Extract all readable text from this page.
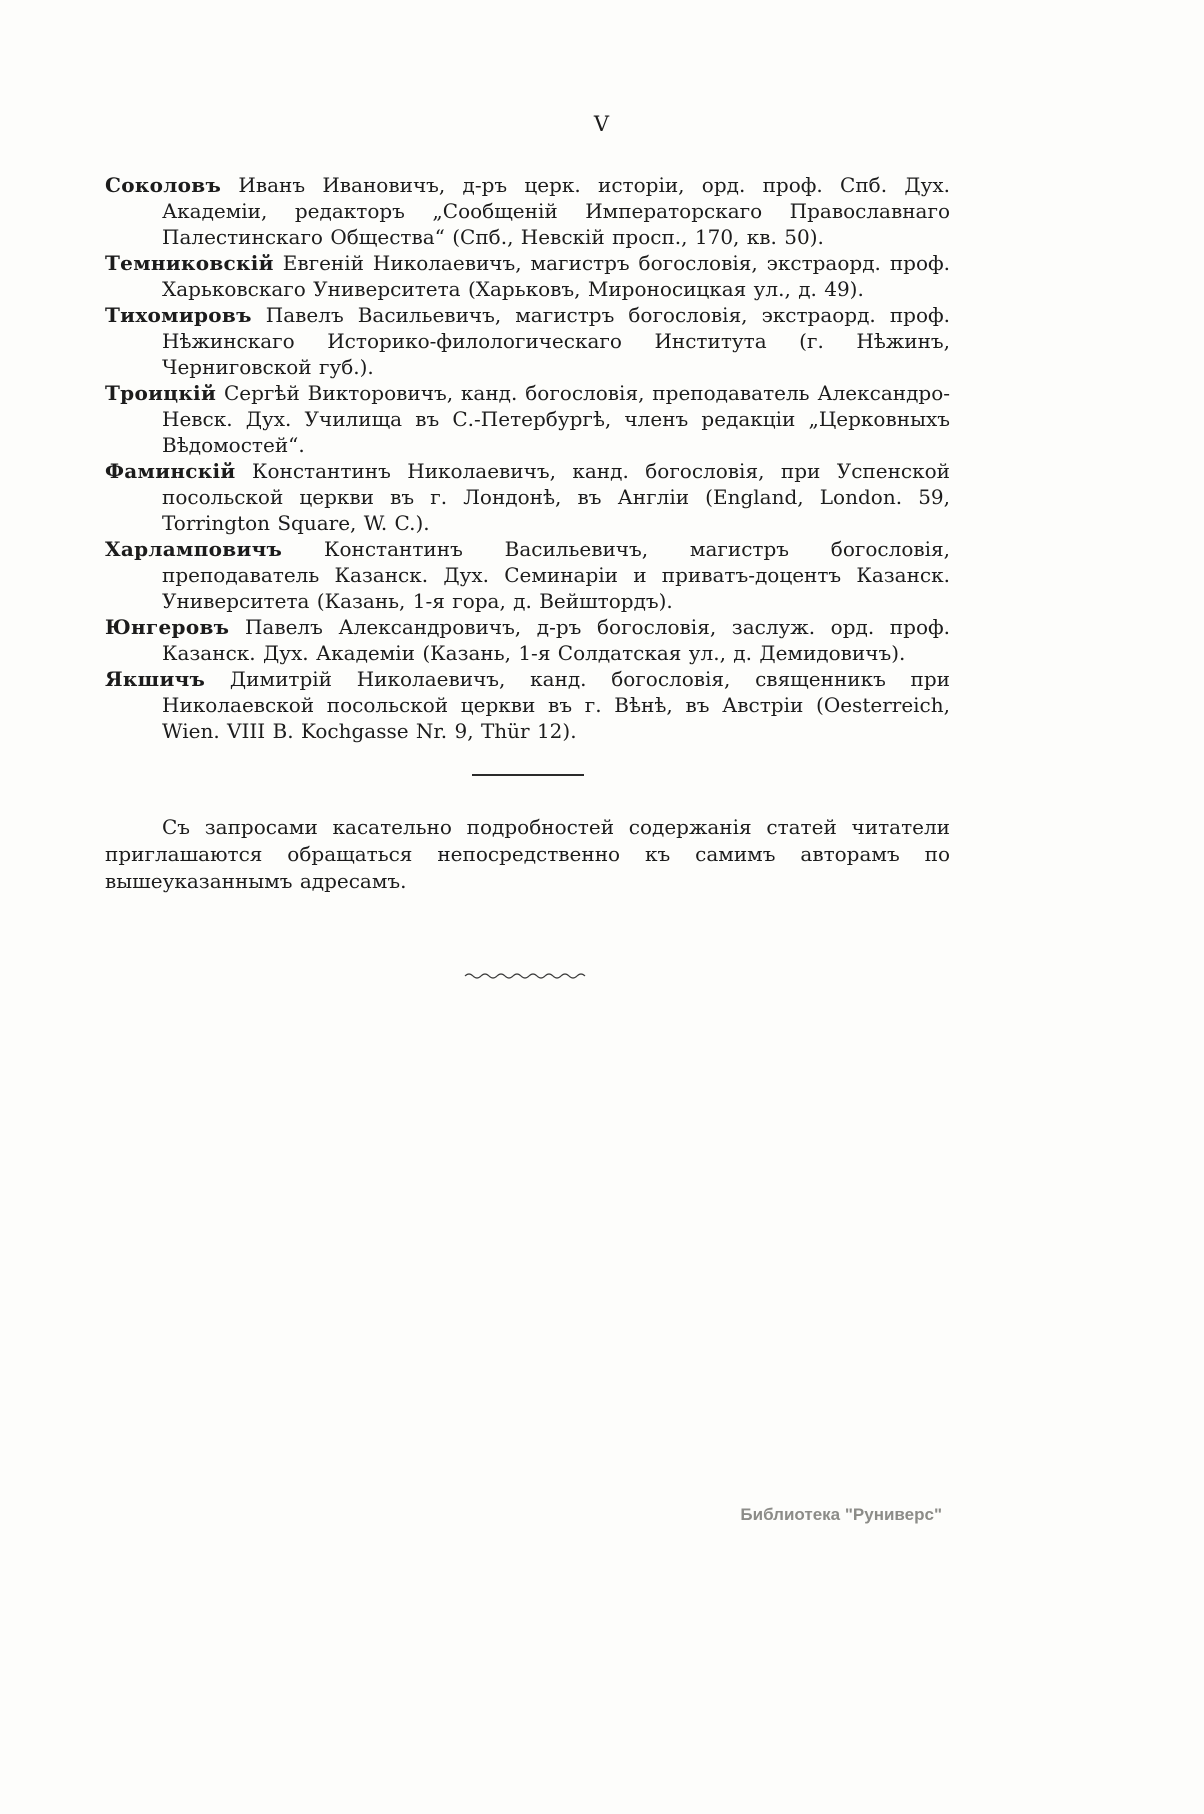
V

Соколовъ Иванъ Ивановичъ, д-ръ церк. исторіи, орд. проф. Спб. Дух. Академіи, редакторъ „Сообщеній Императорскаго Православнаго Палестинскаго Общества“ (Спб., Невскій просп., 170, кв. 50).

Темниковскій Евгеній Николаевичъ, магистръ богословія, экстраорд. проф. Харьковскаго Университета (Харьковъ, Мироносицкая ул., д. 49).

Тихомировъ Павелъ Васильевичъ, магистръ богословія, экстраорд. проф. Нѣжинскаго Историко-филологическаго Института (г. Нѣжинъ, Черниговской губ.).

Троицкій Сергѣй Викторовичъ, канд. богословія, преподаватель Александро-Невск. Дух. Училища въ С.-Петербургѣ, членъ редакціи „Церковныхъ Вѣдомостей“.

Фаминскій Константинъ Николаевичъ, канд. богословія, при Успенской посольской церкви въ г. Лондонѣ, въ Англіи (England, London. 59, Torrington Square, W. C.).

Харламповичъ Константинъ Васильевичъ, магистръ богословія, преподаватель Казанск. Дух. Семинаріи и приватъ-доцентъ Казанск. Университета (Казань, 1-я гора, д. Вейштордъ).

Юнгеровъ Павелъ Александровичъ, д-ръ богословія, заслуж. орд. проф. Казанск. Дух. Академіи (Казань, 1-я Солдатская ул., д. Демидовичъ).

Якшичъ Димитрій Николаевичъ, канд. богословія, священникъ при Николаевской посольской церкви въ г. Вѣнѣ, въ Австріи (Oesterreich, Wien. VIII B. Kochgasse Nr. 9, Thür 12).

Съ запросами касательно подробностей содержанія статей читатели приглашаются обращаться непосредственно къ самимъ авторамъ по вышеуказаннымъ адресамъ.

Библиотека "Руниверс"
